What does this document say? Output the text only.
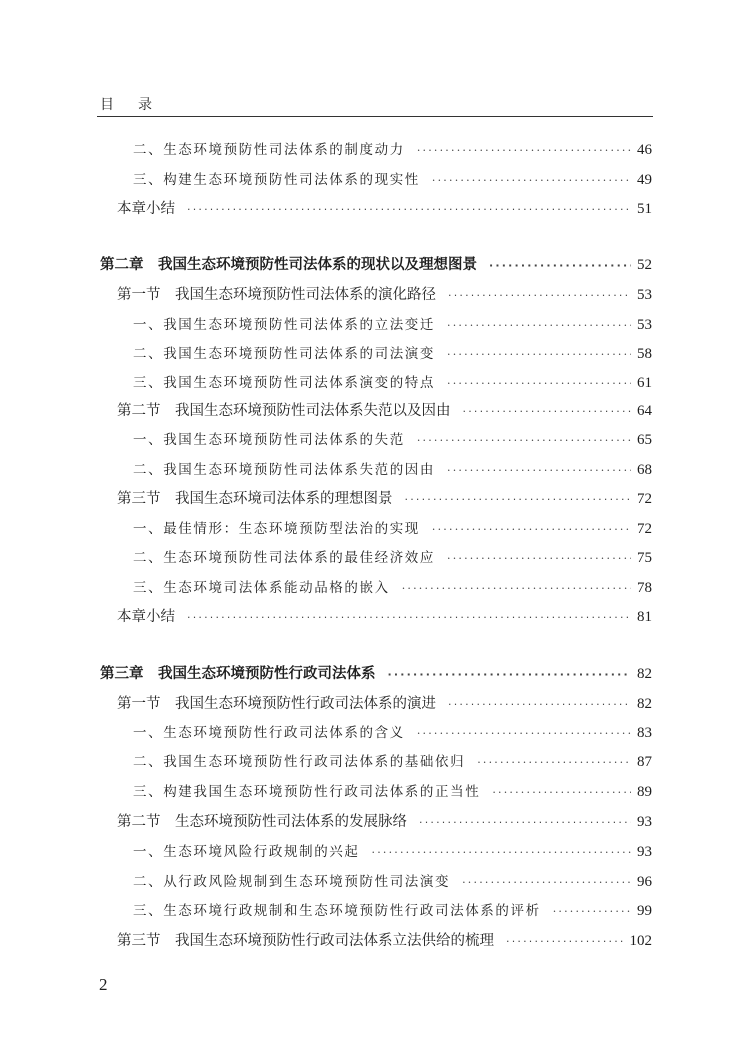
目 录
二、生态环境预防性司法体系的制度动力 ·····	46
三、构建生态环境预防性司法体系的现实性 ·····	49
本章小结 ·····	51
第二章　我国生态环境预防性司法体系的现状以及理想图景 ·····	52
第一节　我国生态环境预防性司法体系的演化路径 ·····	53
一、我国生态环境预防性司法体系的立法变迁 ·····	53
二、我国生态环境预防性司法体系的司法演变 ·····	58
三、我国生态环境预防性司法体系演变的特点 ·····	61
第二节　我国生态环境预防性司法体系失范以及因由 ·····	64
一、我国生态环境预防性司法体系的失范 ·····	65
二、我国生态环境预防性司法体系失范的因由 ·····	68
第三节　我国生态环境司法体系的理想图景 ·····	72
一、最佳情形：生态环境预防型法治的实现 ·····	72
二、生态环境预防性司法体系的最佳经济效应 ·····	75
三、生态环境司法体系能动品格的嵌入 ·····	78
本章小结 ·····	81
第三章　我国生态环境预防性行政司法体系 ·····	82
第一节　我国生态环境预防性行政司法体系的演进 ·····	82
一、生态环境预防性行政司法体系的含义 ·····	83
二、我国生态环境预防性行政司法体系的基础依归 ·····	87
三、构建我国生态环境预防性行政司法体系的正当性 ·····	89
第二节　生态环境预防性司法体系的发展脉络 ·····	93
一、生态环境风险行政规制的兴起 ·····	93
二、从行政风险规制到生态环境预防性司法演变 ·····	96
三、生态环境行政规制和生态环境预防性行政司法体系的评析 ·····	99
第三节　我国生态环境预防性行政司法体系立法供给的梳理 ·····	102
2
